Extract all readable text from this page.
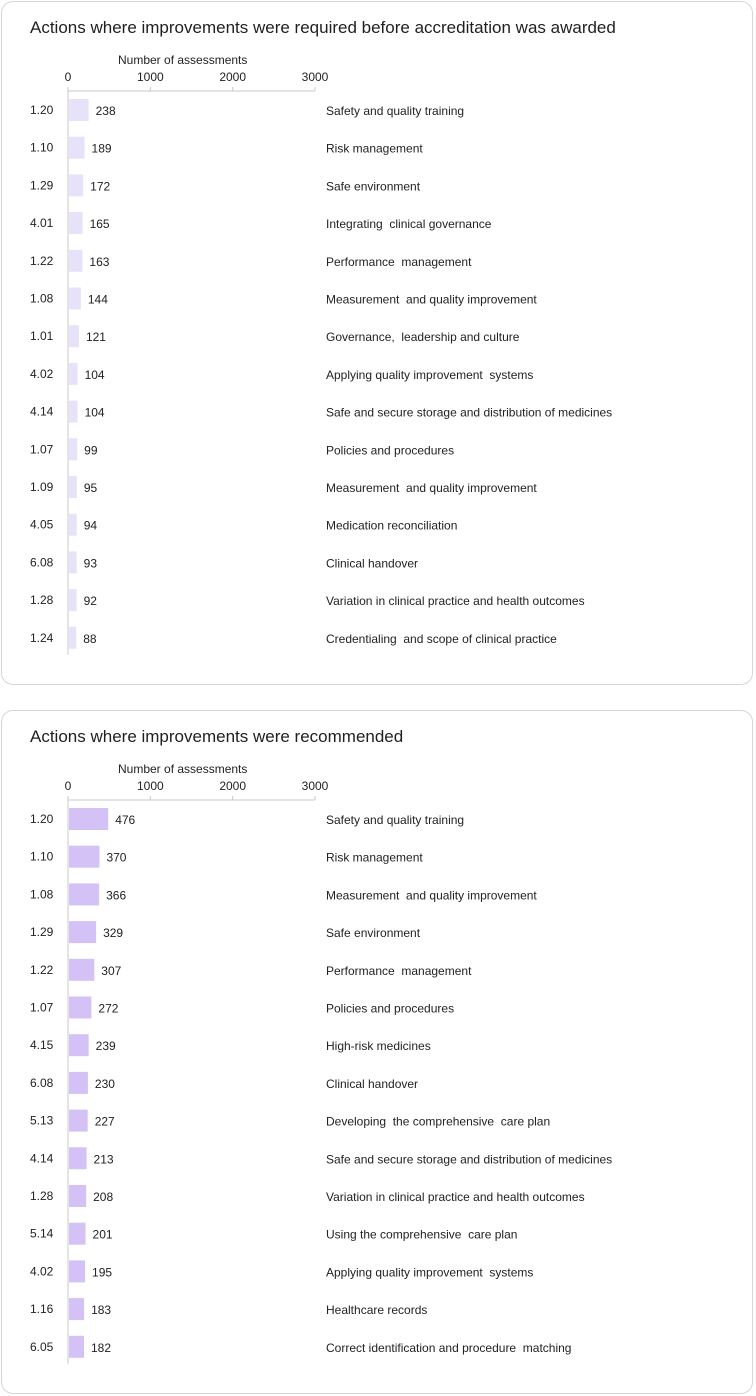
Actions where improvements were required before accreditation was awarded
Number of assessments
0	1000	2000	3000
1.20	238	Safety and quality training
1.10	189	Risk management
1.29	172	Safe environment
4.01	165	Integrating  clinical governance
1.22	163	Performance  management
1.08	144	Measurement  and quality improvement
1.01	121	Governance,  leadership and culture
4.02	104	Applying quality improvement  systems
4.14	104	Safe and secure storage and distribution of medicines
1.07	99	Policies and procedures
1.09	95	Measurement  and quality improvement
4.05	94	Medication reconciliation
6.08	93	Clinical handover
1.28	92	Variation in clinical practice and health outcomes
1.24 88	Credentialing  and scope of clinical practice
Actions where improvements were recommended
Number of assessments
0	1000	2000	3000
1.20	476	Safety and quality training
1.10	370	Risk management
1.08	366	Measurement  and quality improvement
1.29	329	Safe environment
1.22	307	Performance  management
1.07	272	Policies and procedures
4.15	239	High-risk medicines
6.08	230	Clinical handover
5.13	227	Developing  the comprehensive  care plan
4.14	213	Safe and secure storage and distribution of medicines
1.28	208	Variation in clinical practice and health outcomes
5.14	201	Using the comprehensive  care plan
4.02	195	Applying quality improvement  systems
1.16	183	Healthcare records
6.05	182	Correct identification and procedure  matching
